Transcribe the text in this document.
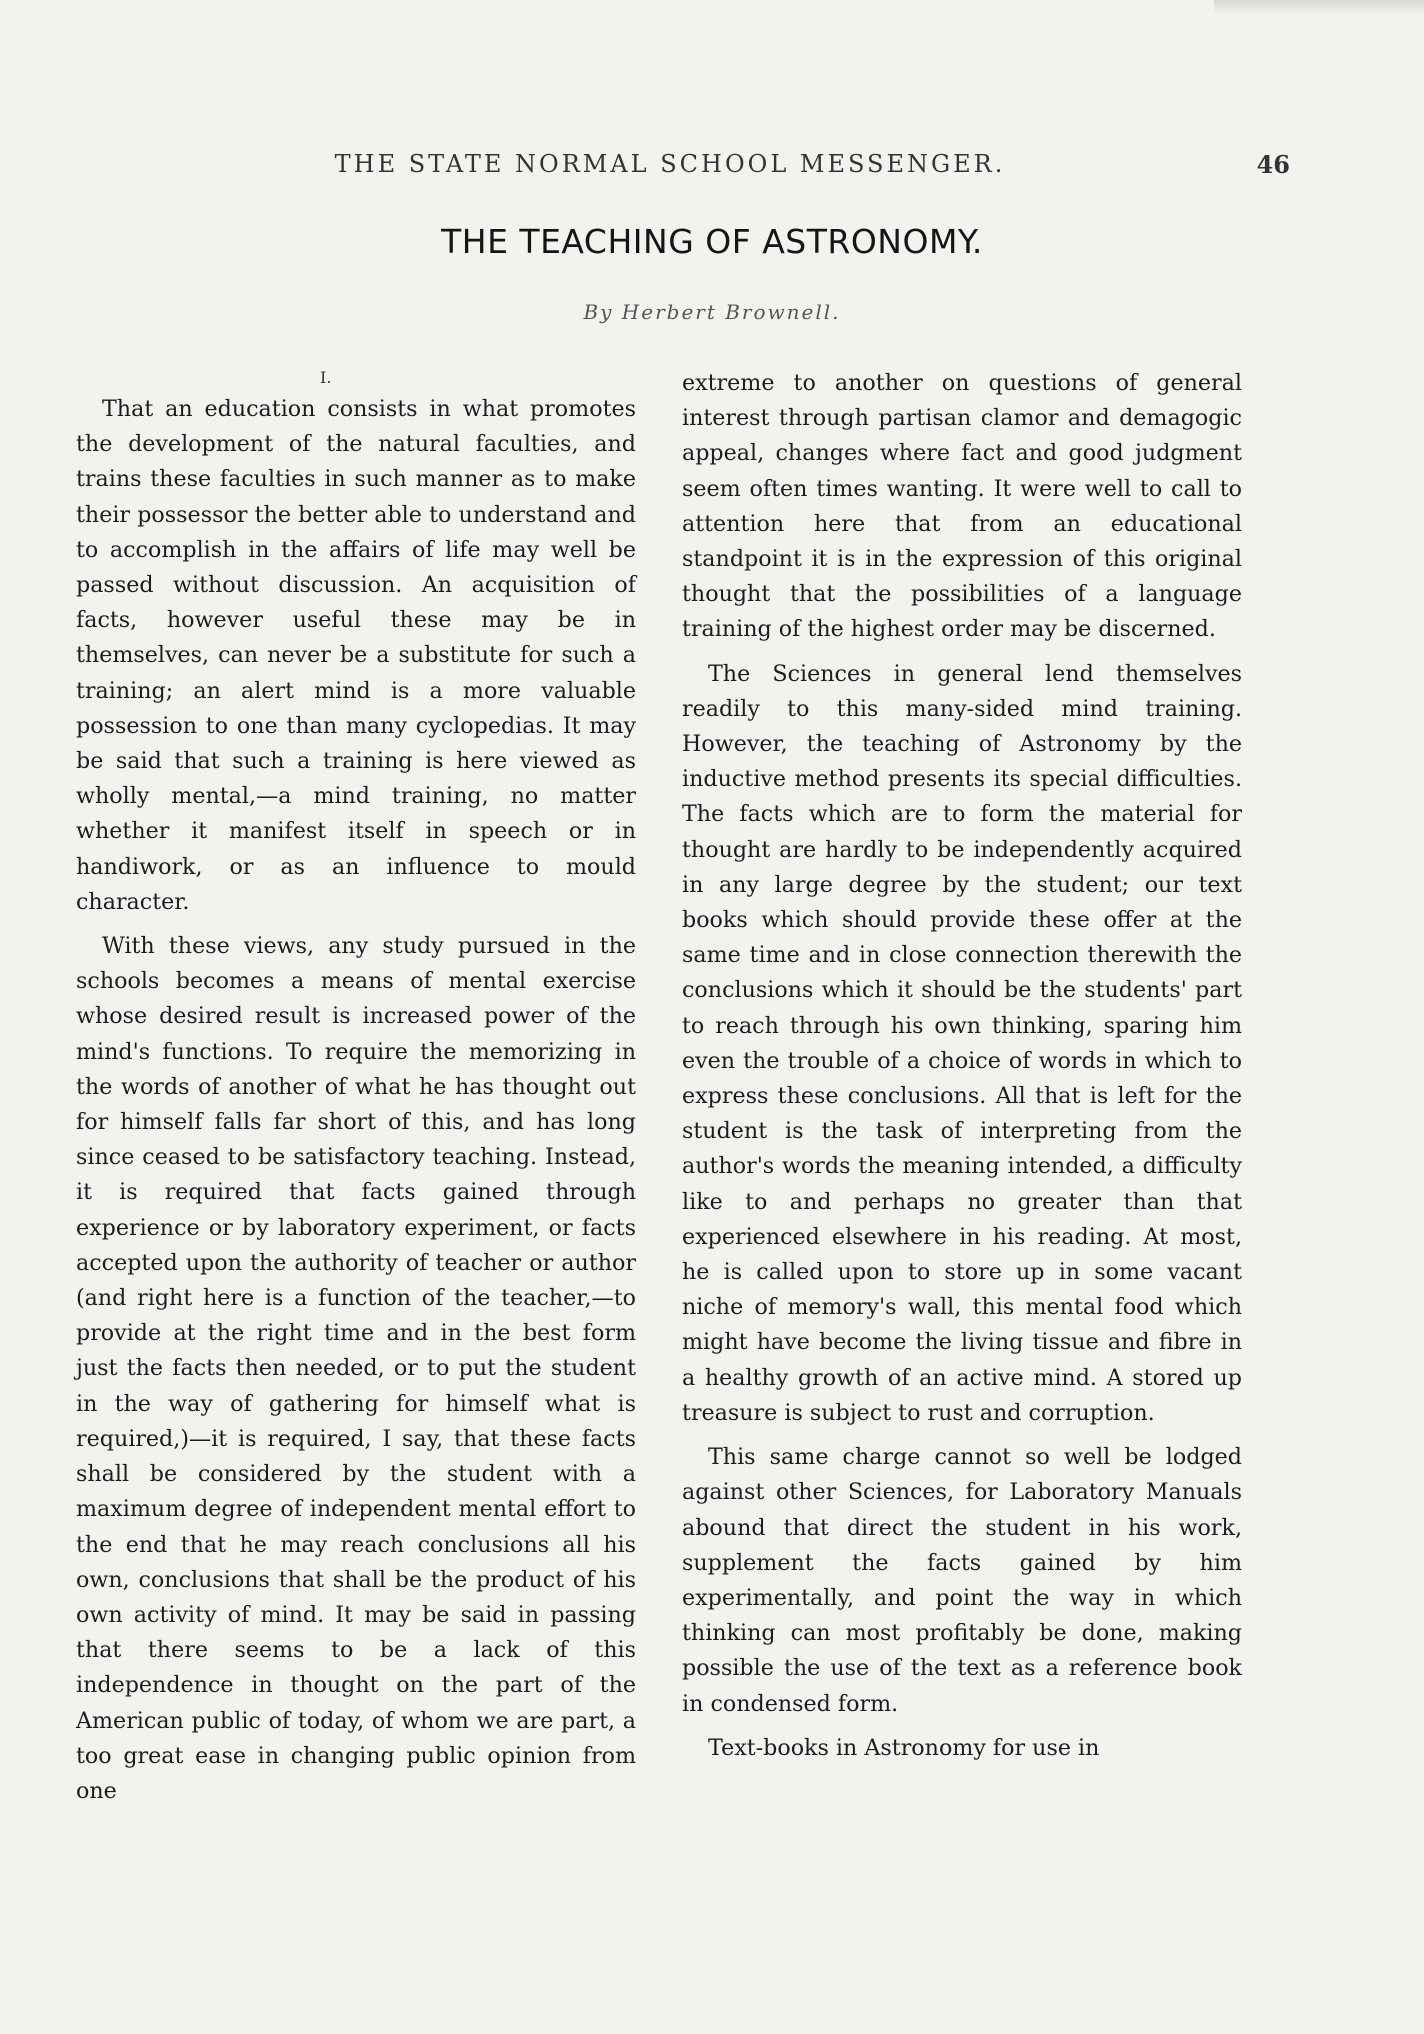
THE STATE NORMAL SCHOOL MESSENGER.	46
THE TEACHING OF ASTRONOMY.
By Herbert Brownell.
I.

That an education consists in what promotes the development of the natural faculties, and trains these faculties in such manner as to make their possessor the better able to understand and to accomplish in the affairs of life may well be passed without discussion. An acquisition of facts, however useful these may be in themselves, can never be a substitute for such a training; an alert mind is a more valuable possession to one than many cyclopedias. It may be said that such a training is here viewed as wholly mental,—a mind training, no matter whether it manifest itself in speech or in handiwork, or as an influence to mould character.

With these views, any study pursued in the schools becomes a means of mental exercise whose desired result is increased power of the mind's functions. To require the memorizing in the words of another of what he has thought out for himself falls far short of this, and has long since ceased to be satisfactory teaching. Instead, it is required that facts gained through experience or by laboratory experiment, or facts accepted upon the authority of teacher or author (and right here is a function of the teacher,—to provide at the right time and in the best form just the facts then needed, or to put the student in the way of gathering for himself what is required,)—it is required, I say, that these facts shall be considered by the student with a maximum degree of independent mental effort to the end that he may reach conclusions all his own, conclusions that shall be the product of his own activity of mind. It may be said in passing that there seems to be a lack of this independence in thought on the part of the American public of today, of whom we are part, a too great ease in changing public opinion from one

extreme to another on questions of general interest through partisan clamor and demagogic appeal, changes where fact and good judgment seem often times wanting. It were well to call to attention here that from an educational standpoint it is in the expression of this original thought that the possibilities of a language training of the highest order may be discerned.

The Sciences in general lend themselves readily to this many-sided mind training. However, the teaching of Astronomy by the inductive method presents its special difficulties. The facts which are to form the material for thought are hardly to be independently acquired in any large degree by the student; our text books which should provide these offer at the same time and in close connection therewith the conclusions which it should be the students' part to reach through his own thinking, sparing him even the trouble of a choice of words in which to express these conclusions. All that is left for the student is the task of interpreting from the author's words the meaning intended, a difficulty like to and perhaps no greater than that experienced elsewhere in his reading. At most, he is called upon to store up in some vacant niche of memory's wall, this mental food which might have become the living tissue and fibre in a healthy growth of an active mind. A stored up treasure is subject to rust and corruption.

This same charge cannot so well be lodged against other Sciences, for Laboratory Manuals abound that direct the student in his work, supplement the facts gained by him experimentally, and point the way in which thinking can most profitably be done, making possible the use of the text as a reference book in condensed form.

Text-books in Astronomy for use in
